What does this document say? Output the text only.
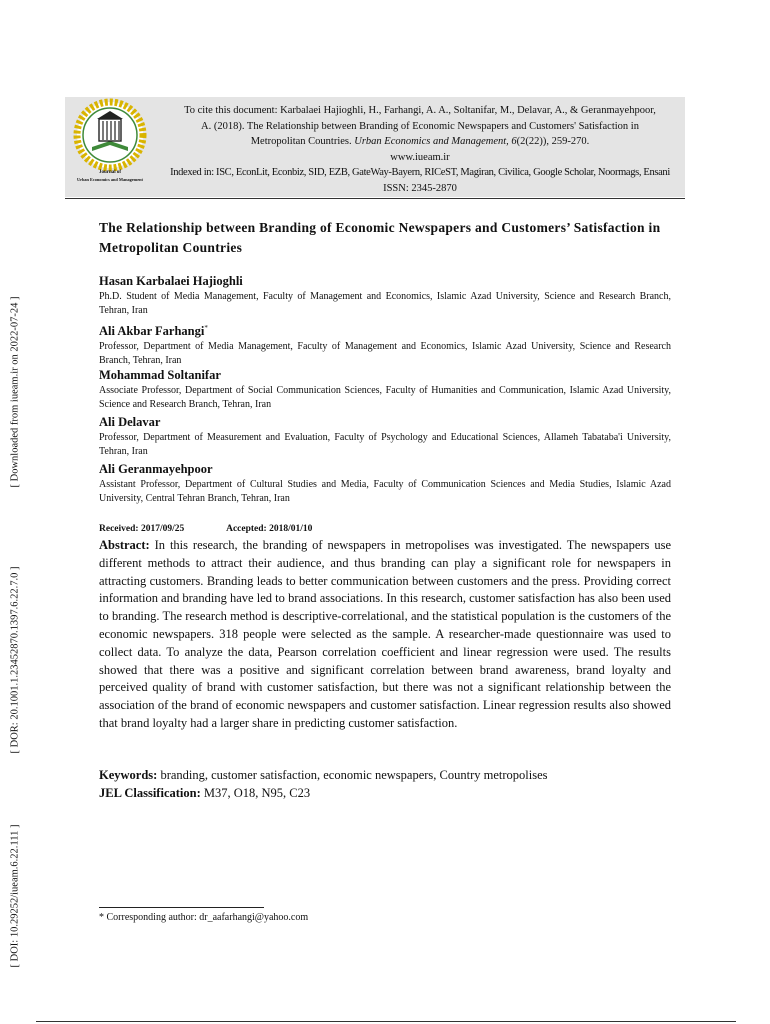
[ Downloaded from iueam.ir on 2022-07-24 ]
[ DOR: 20.1001.1.23452870.1397.6.22.7.0 ]
[ DOI: 10.29252/iueam.6.22.111 ]
Journal of
Urban Economics and Management

To cite this document: Karbalaei Hajioghli, H., Farhangi, A. A., Soltanifar, M., Delavar, A., & Geranmayehpoor,

A. (2018). The Relationship between Branding of Economic Newspapers and Customers' Satisfaction in

Metropolitan Countries. Urban Economics and Management, 6(2(22)), 259-270.

www.iueam.ir

Indexed in: ISC, EconLit, Econbiz, SID, EZB, GateWay-Bayern, RICeST, Magiran, Civilica, Google Scholar, Noormags, Ensani

ISSN: 2345-2870

The Relationship between Branding of Economic Newspapers and Customers’ Satisfaction in Metropolitan Countries

Hasan Karbalaei Hajioghli

Ph.D. Student of Media Management, Faculty of Management and Economics, Islamic Azad University, Science and Research Branch, Tehran, Iran

Ali Akbar Farhangi*

Professor, Department of Media Management, Faculty of Management and Economics, Islamic Azad University, Science and Research Branch, Tehran, Iran

Mohammad Soltanifar

Associate Professor, Department of Social Communication Sciences, Faculty of Humanities and Communication, Islamic Azad University, Science and Research Branch, Tehran, Iran

Ali Delavar

Professor, Department of Measurement and Evaluation, Faculty of Psychology and Educational Sciences, Allameh Tabataba'i University, Tehran, Iran

Ali Geranmayehpoor

Assistant Professor, Department of Cultural Studies and Media, Faculty of Communication Sciences and Media Studies, Islamic Azad University, Central Tehran Branch, Tehran, Iran

Received: 2017/09/25	Accepted: 2018/01/10

Abstract: In this research, the branding of newspapers in metropolises was investigated. The newspapers use different methods to attract their audience, and thus branding can play a significant role for newspapers in attracting customers. Branding leads to better communication between customers and the press. Providing correct information and branding have led to brand associations. In this research, customer satisfaction has also been used to branding. The research method is descriptive-correlational, and the statistical population is the customers of the economic newspapers. 318 people were selected as the sample. A researcher-made questionnaire was used to collect data. To analyze the data, Pearson correlation coefficient and linear regression were used. The results showed that there was a positive and significant correlation between brand awareness, brand loyalty and perceived quality of brand with customer satisfaction, but there was not a significant relationship between the association of the brand of economic newspapers and customer satisfaction. Linear regression results also showed that brand loyalty had a larger share in predicting customer satisfaction.

Keywords: branding, customer satisfaction, economic newspapers, Country metropolises

JEL Classification: M37, O18, N95, C23

* Corresponding author: dr_aafarhangi@yahoo.com
